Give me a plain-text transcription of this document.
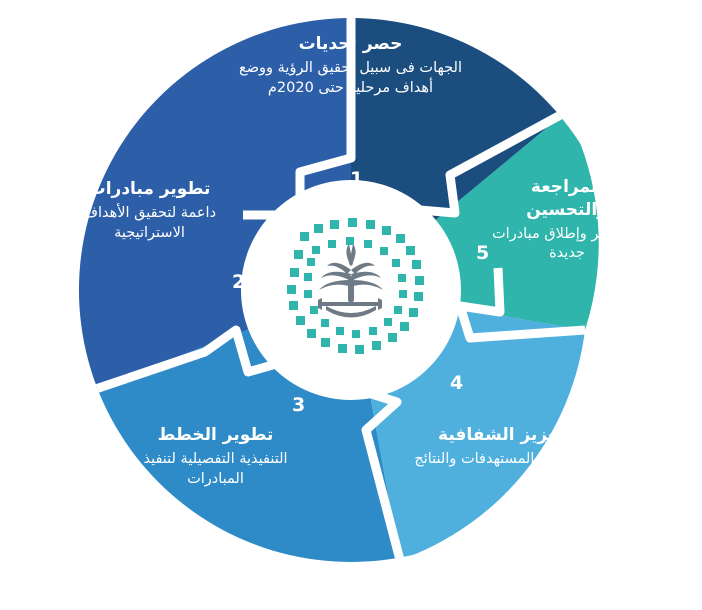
حصر تحديات
الجهات فى سبيل تحقيق الرؤية ووضع أهداف مرحلية حتى 2020م
1
تطوير مبادرات
داعمة لتحقيق الأهداف الاستراتيجية
2
تطوير الخطط
التنفيذية التفصيلية لتنفيذ المبادرات
3
تعزيز الشفافية
فى نشر المستهدفات والنتائج
4
المراجعة والتحسين
المستمر وإطلاق مبادرات جديدة
5
